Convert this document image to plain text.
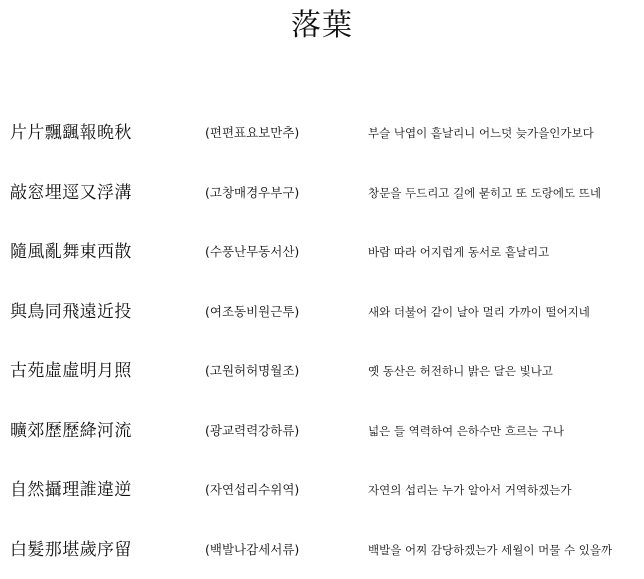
落葉
片片飄颻報晩秋	(편편표요보만추)	부슬 낙엽이 흩날리니 어느덧 늦가을인가보다
敲窓埋逕又浮溝	(고창매경우부구)	창문을 두드리고 길에 묻히고 또 도랑에도 뜨네
隨風亂舞東西散	(수풍난무동서산)	바람 따라 어지럽게 동서로 흩날리고
與鳥同飛遠近投	(여조동비원근투)	새와 더불어 같이 날아 멀리 가까이 떨어지네
古苑虛虛明月照	(고원허허명월조)	옛 동산은 허전하니 밝은 달은 빛나고
曠郊歷歷絳河流	(광교력력강하류)	넓은 들 역력하여 은하수만 흐르는 구나
自然攝理誰違逆	(자연섭리수위역)	자연의 섭리는 누가 알아서 거역하겠는가
白髮那堪歲序留	(백발나감세서류)	백발을 어찌 감당하겠는가 세월이 머물 수 있을까
